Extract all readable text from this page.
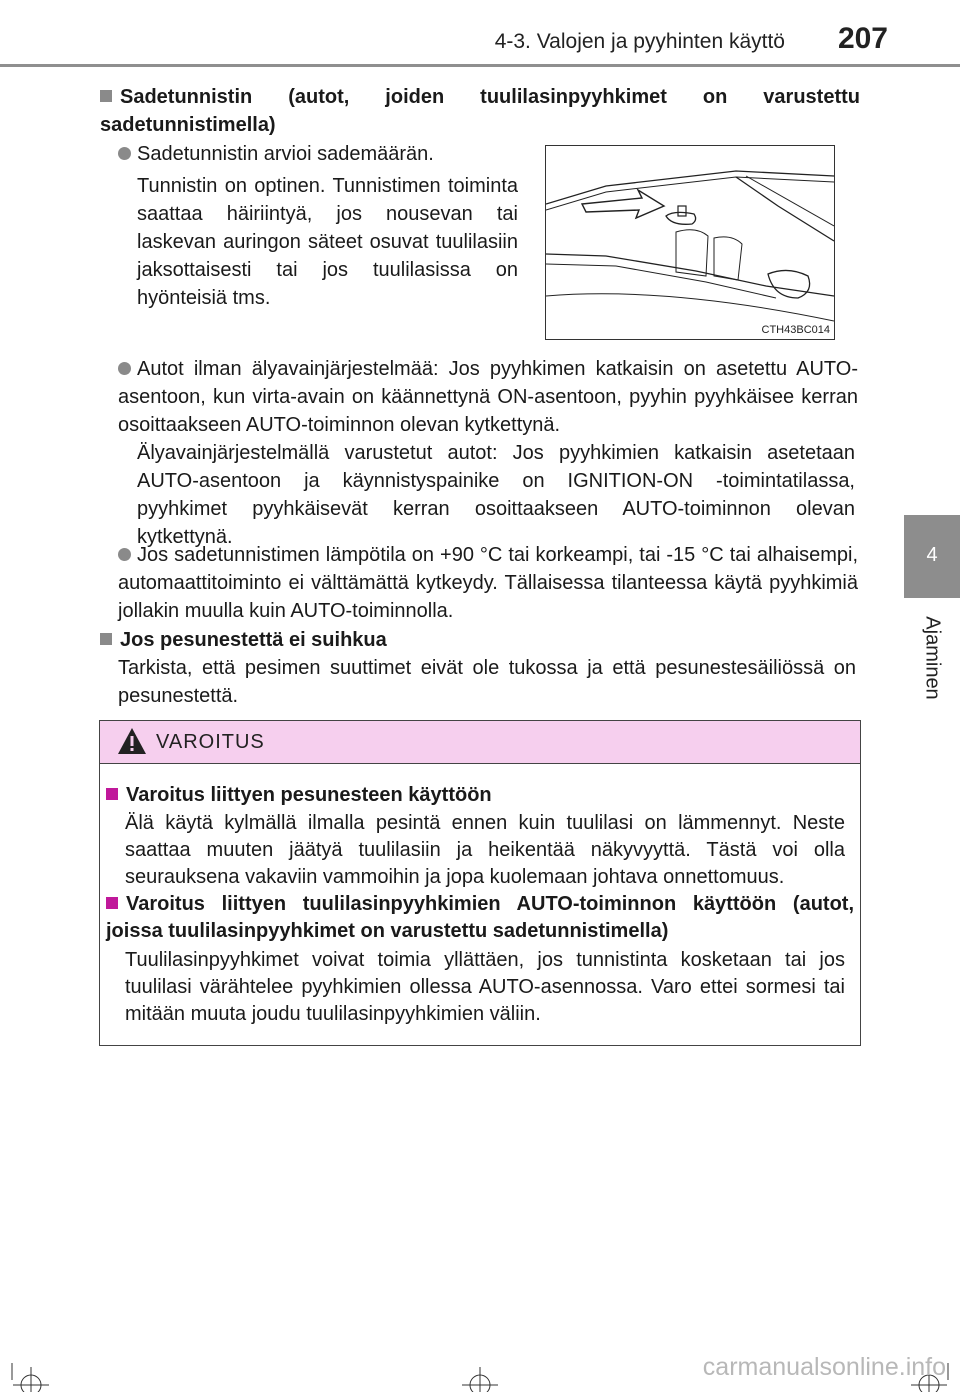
4-3. Valojen ja pyyhinten käyttö 207
4
Ajaminen
Sadetunnistin (autot, joiden tuulilasinpyyhkimet on varustettu sadetunnistimella)
Sadetunnistin arvioi sademäärän.
Tunnistin on optinen. Tunnistimen toiminta saattaa häiriintyä, jos nousevan tai laskevan auringon säteet osuvat tuulilasiin jaksottaisesti tai jos tuulilasissa on hyönteisiä tms.
CTH43BC014
Autot ilman älyavainjärjestelmää: Jos pyyhkimen katkaisin on asetettu AUTO-asentoon, kun virta-avain on käännettynä ON-asentoon, pyyhin pyyhkäisee kerran osoittaakseen AUTO-toiminnon olevan kytkettynä.
Älyavainjärjestelmällä varustetut autot: Jos pyyhkimien katkaisin asetetaan AUTO-asentoon ja käynnistyspainike on IGNITION-ON -toimintatilassa, pyyhkimet pyyhkäisevät kerran osoittaakseen AUTO-toiminnon olevan kytkettynä.
Jos sadetunnistimen lämpötila on +90 °C tai korkeampi, tai -15 °C tai alhaisempi, automaattitoiminto ei välttämättä kytkeydy. Tällaisessa tilanteessa käytä pyyhkimiä jollakin muulla kuin AUTO-toiminnolla.
Jos pesunestettä ei suihkua
Tarkista, että pesimen suuttimet eivät ole tukossa ja että pesunestesäiliössä on pesunestettä.
VAROITUS
Varoitus liittyen pesunesteen käyttöön
Älä käytä kylmällä ilmalla pesintä ennen kuin tuulilasi on lämmennyt. Neste saattaa muuten jäätyä tuulilasiin ja heikentää näkyvyyttä. Tästä voi olla seurauksena vakaviin vammoihin ja jopa kuolemaan johtava onnettomuus.
Varoitus liittyen tuulilasinpyyhkimien AUTO-toiminnon käyttöön (autot, joissa tuulilasinpyyhkimet on varustettu sadetunnistimella)
Tuulilasinpyyhkimet voivat toimia yllättäen, jos tunnistinta kosketaan tai jos tuulilasi värähtelee pyyhkimien ollessa AUTO-asennossa. Varo ettei sormesi tai mitään muuta joudu tuulilasinpyyhkimien väliin.
carmanualsonline.info
